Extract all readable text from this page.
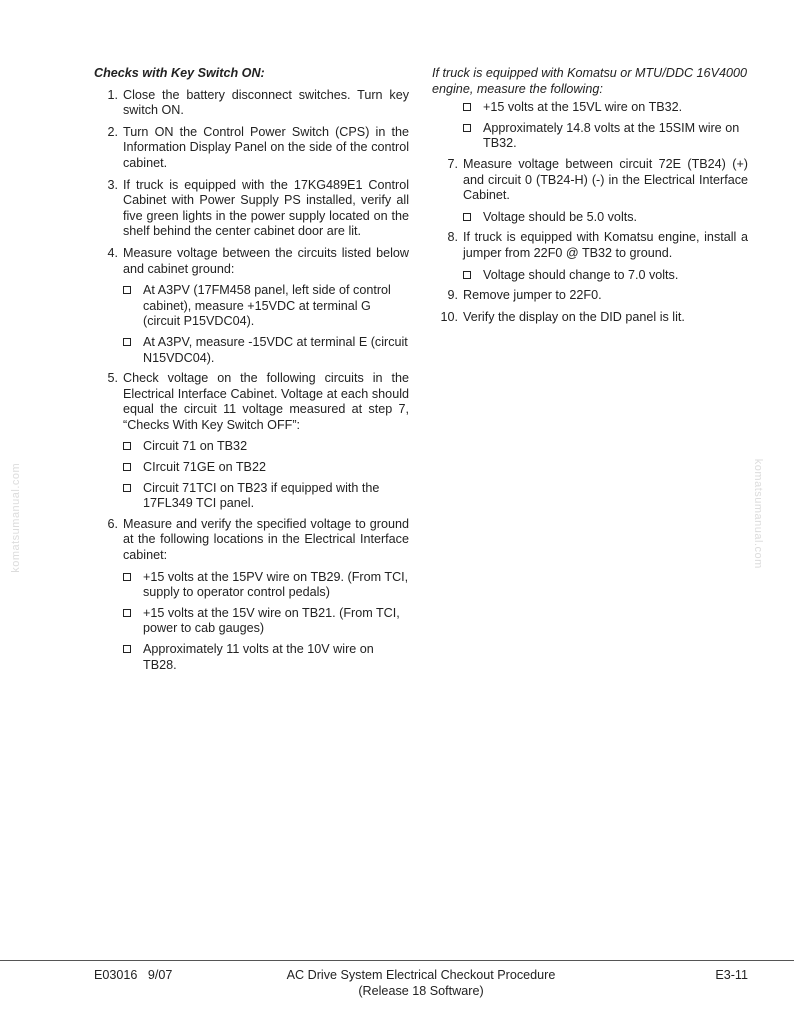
Checks with Key Switch ON:
1. Close the battery disconnect switches. Turn key switch ON.
2. Turn ON the Control Power Switch (CPS) in the Information Display Panel on the side of the control cabinet.
3. If truck is equipped with the 17KG489E1 Control Cabinet with Power Supply PS installed, verify all five green lights in the power supply located on the shelf behind the center cabinet door are lit.
4. Measure voltage between the circuits listed below and cabinet ground:
At A3PV (17FM458 panel, left side of control cabinet), measure +15VDC at terminal G (circuit P15VDC04).
At A3PV, measure -15VDC at terminal E (circuit N15VDC04).
5. Check voltage on the following circuits in the Electrical Interface Cabinet. Voltage at each should equal the circuit 11 voltage measured at step 7, “Checks With Key Switch OFF”:
Circuit 71 on TB32
CIrcuit 71GE on TB22
Circuit 71TCI on TB23 if equipped with the 17FL349 TCI panel.
6. Measure and verify the specified voltage to ground at the following locations in the Electrical Interface cabinet:
+15 volts at the 15PV wire on TB29. (From TCI, supply to operator control pedals)
+15 volts at the 15V wire on TB21. (From TCI, power to cab gauges)
Approximately 11 volts at the 10V wire on TB28.
If truck is equipped with Komatsu or MTU/DDC 16V4000 engine, measure the following:
+15 volts at the 15VL wire on TB32.
Approximately 14.8 volts at the 15SIM wire on TB32.
7. Measure voltage between circuit 72E (TB24) (+) and circuit 0 (TB24-H) (-) in the Electrical Interface Cabinet.
Voltage should be 5.0 volts.
8. If truck is equipped with Komatsu engine, install a jumper from 22F0 @ TB32 to ground.
Voltage should change to 7.0 volts.
9. Remove jumper to 22F0.
10. Verify the display on the DID panel is lit.
komatsumanual.com	komatsumanual.com
E03016   9/07	AC Drive System Electrical Checkout Procedure
(Release 18 Software)
E3-11
